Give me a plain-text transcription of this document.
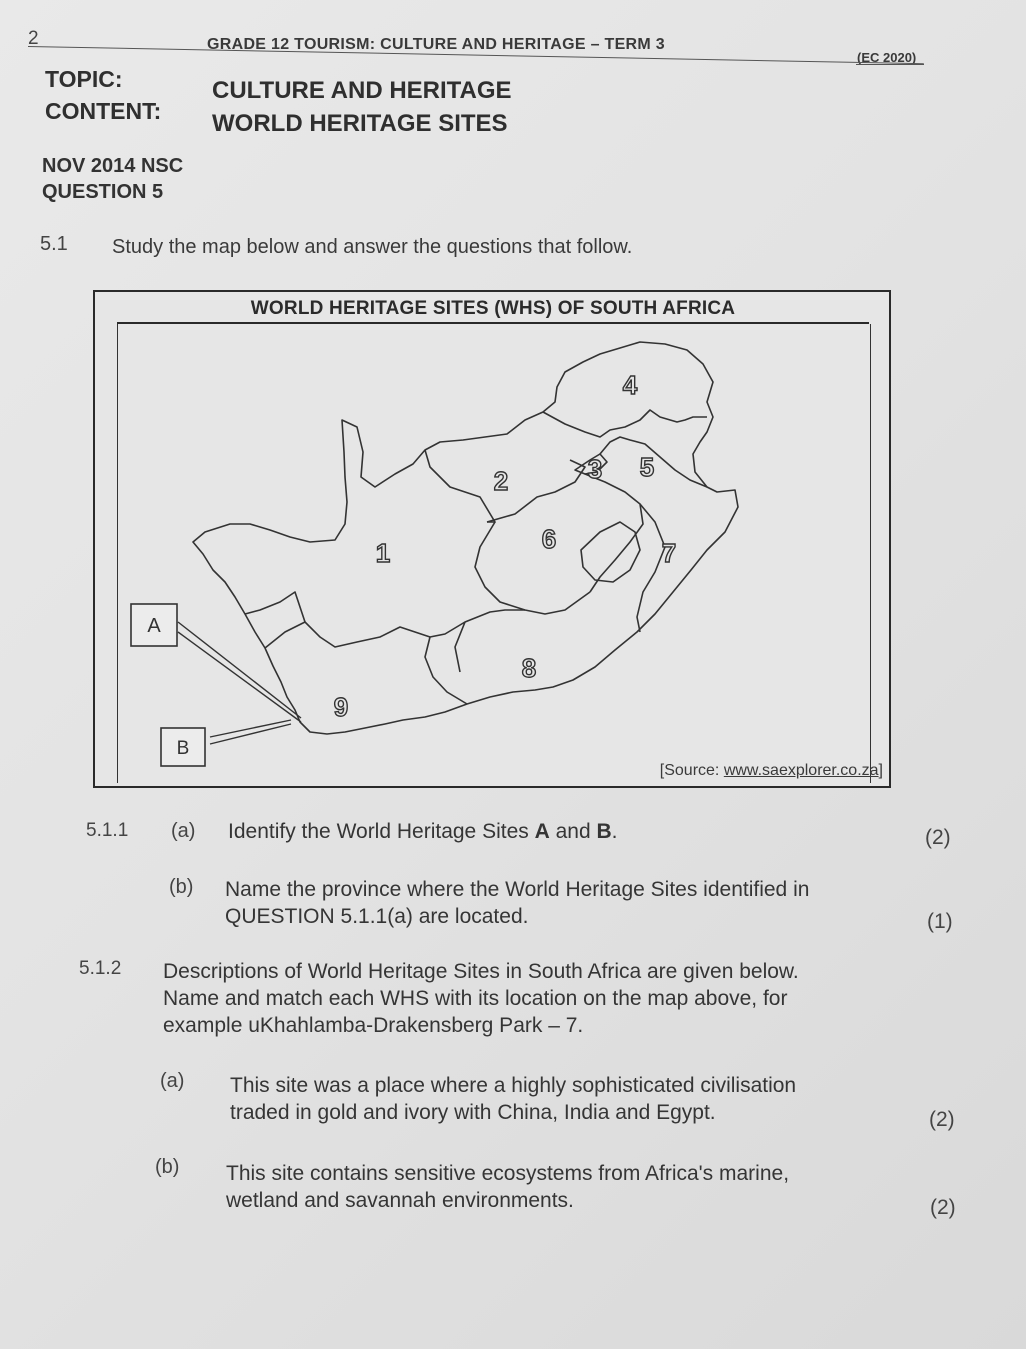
2	GRADE 12 TOURISM: CULTURE AND HERITAGE – TERM 3
(EC 2020)
TOPIC:	CULTURE AND HERITAGE
CONTENT: WORLD HERITAGE SITES
NOV 2014 NSC
QUESTION 5
5.1 Study the map below and answer the questions that follow.
WORLD HERITAGE SITES (WHS) OF SOUTH AFRICA
A
B
1
2	3
4
5
6	7
8
9
[Source: www.saexplorer.co.za]
5.1.1 (a) Identify the World Heritage Sites A and B.	(2)
(b) Name the province where the World Heritage Sites identified in
QUESTION 5.1.1(a) are located.	(1)
5.1.2 Descriptions of World Heritage Sites in South Africa are given below.
Name and match each WHS with its location on the map above, for
example uKhahlamba-Drakensberg Park – 7.
(a) This site was a place where a highly sophisticated civilisation
traded in gold and ivory with China, India and Egypt.	(2)
(b) This site contains sensitive ecosystems from Africa's marine,
wetland and savannah environments.	(2)
